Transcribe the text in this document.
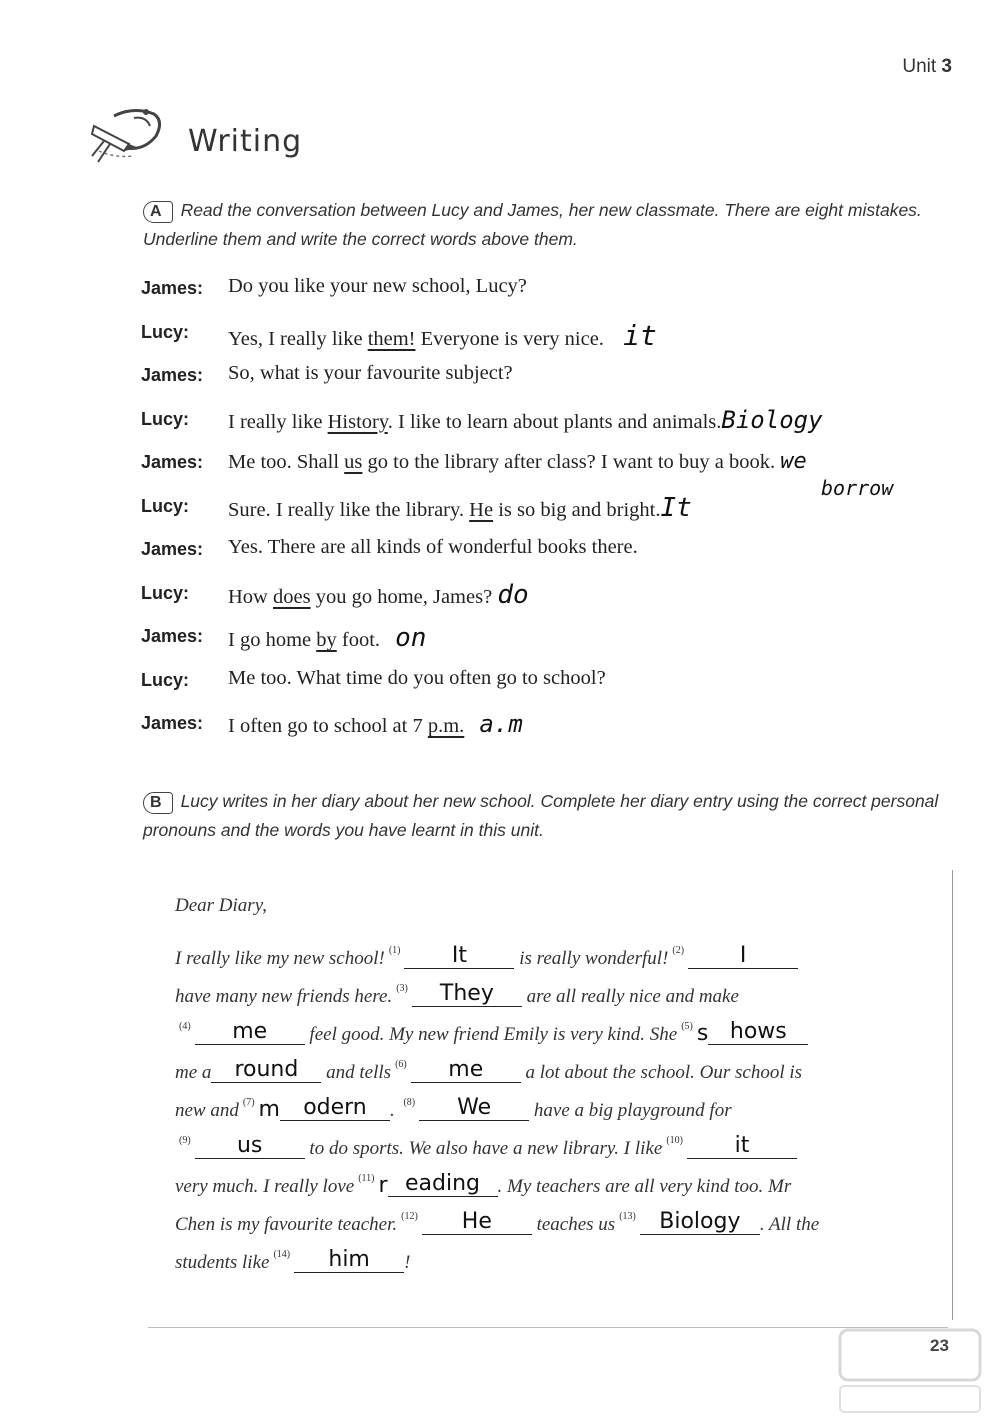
Unit 3
Writing
A Read the conversation between Lucy and James, her new classmate. There are eight mistakes. Underline them and write the correct words above them.
James: Do you like your new school, Lucy?
Lucy: Yes, I really like them! Everyone is very nice. it
James: So, what is your favourite subject?
Lucy: I really like History. I like to learn about plants and animals.Biology
James: Me too. Shall us go to the library after class? I want to buy a book. we
borrow
Lucy: Sure. I really like the library. He is so big and bright.It
James: Yes. There are all kinds of wonderful books there.
Lucy: How does you go home, James? do
James: I go home by foot. on
Lucy: Me too. What time do you often go to school?
James: I often go to school at 7 p.m. a.m
B Lucy writes in her diary about her new school. Complete her diary entry using the correct personal pronouns and the words you have learnt in this unit.
Dear Diary,
I really like my new school! $^{(1)}$ It	is really wonderful! $^{(2)}$	I
have many new friends here. $^{(3)}$ They are all really nice and make
$^{(4)}$ me feel good. My new friend Emily is very kind. She $^{(5)}$ s hows
me a round and tells $^{(6)}$ me a lot about the school. Our school is
new and $^{(7)}$ m odern . $^{(8)}$ We have a big playground for
$^{(9)}$ us to do sports. We also have a new library. I like $^{(10)}$ it
very much. I really love $^{(11)}$ r eading . My teachers are all very kind too. Mr
Chen is my favourite teacher. $^{(12)}$ He teaches us $^{(13)}$ Biology . All the
students like $^{(14)}$ him !
23
